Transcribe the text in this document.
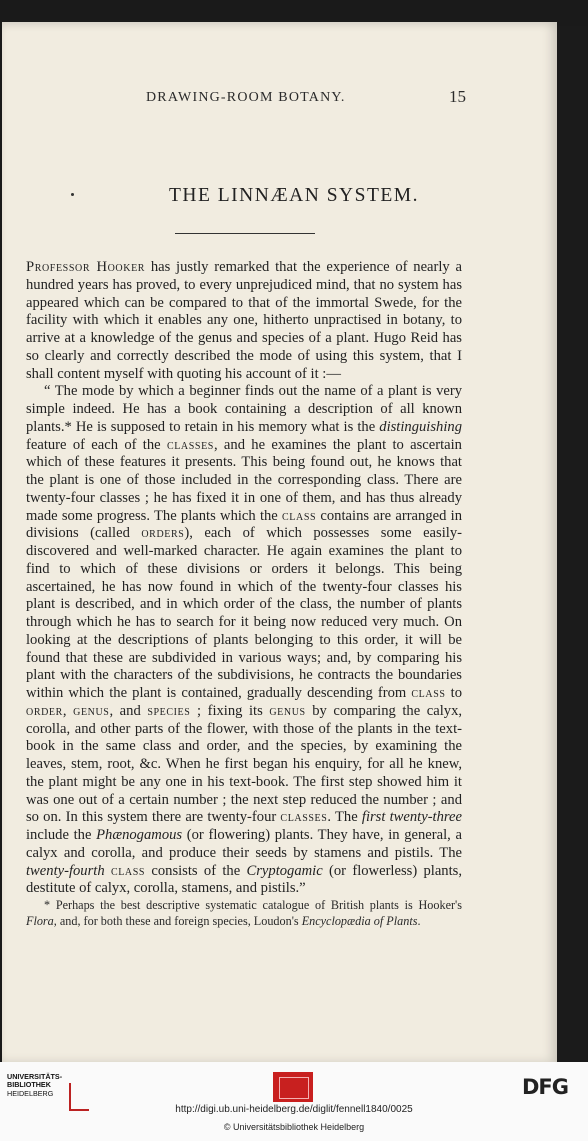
DRAWING-ROOM BOTANY.	15
THE LINNÆAN SYSTEM.

Professor Hooker has justly remarked that the experience of nearly a hundred years has proved, to every unprejudiced mind, that no system has appeared which can be compared to that of the immortal Swede, for the facility with which it enables any one, hitherto unpractised in botany, to arrive at a knowledge of the genus and species of a plant. Hugo Reid has so clearly and correctly described the mode of using this system, that I shall content myself with quoting his account of it :—

“ The mode by which a beginner finds out the name of a plant is very simple indeed. He has a book containing a description of all known plants.* He is supposed to retain in his memory what is the distinguishing feature of each of the classes, and he examines the plant to ascertain which of these features it presents. This being found out, he knows that the plant is one of those included in the corresponding class. There are twenty-four classes ; he has fixed it in one of them, and has thus already made some progress. The plants which the class contains are arranged in divisions (called orders), each of which possesses some easily-discovered and well-marked character. He again examines the plant to find to which of these divisions or orders it belongs. This being ascertained, he has now found in which of the twenty-four classes his plant is described, and in which order of the class, the number of plants through which he has to search for it being now reduced very much. On looking at the descriptions of plants belonging to this order, it will be found that these are subdivided in various ways; and, by comparing his plant with the characters of the subdivisions, he contracts the boundaries within which the plant is contained, gradually descending from class to order, genus, and species ; fixing its genus by comparing the calyx, corolla, and other parts of the flower, with those of the plants in the text-book in the same class and order, and the species, by examining the leaves, stem, root, &c. When he first began his enquiry, for all he knew, the plant might be any one in his text-book. The first step showed him it was one out of a certain number ; the next step reduced the number ; and so on. In this system there are twenty-four classes. The first twenty-three include the Phænogamous (or flowering) plants. They have, in general, a calyx and corolla, and produce their seeds by stamens and pistils. The twenty-fourth class consists of the Cryptogamic (or flowerless) plants, destitute of calyx, corolla, stamens, and pistils.”

* Perhaps the best descriptive systematic catalogue of British plants is Hooker's Flora, and, for both these and foreign species, Loudon's Encyclopædia of Plants.

UNIVERSITÄTS-
BIBLIOTHEK
HEIDELBERG	DFG
http://digi.ub.uni-heidelberg.de/diglit/fennell1840/0025
© Universitätsbibliothek Heidelberg
